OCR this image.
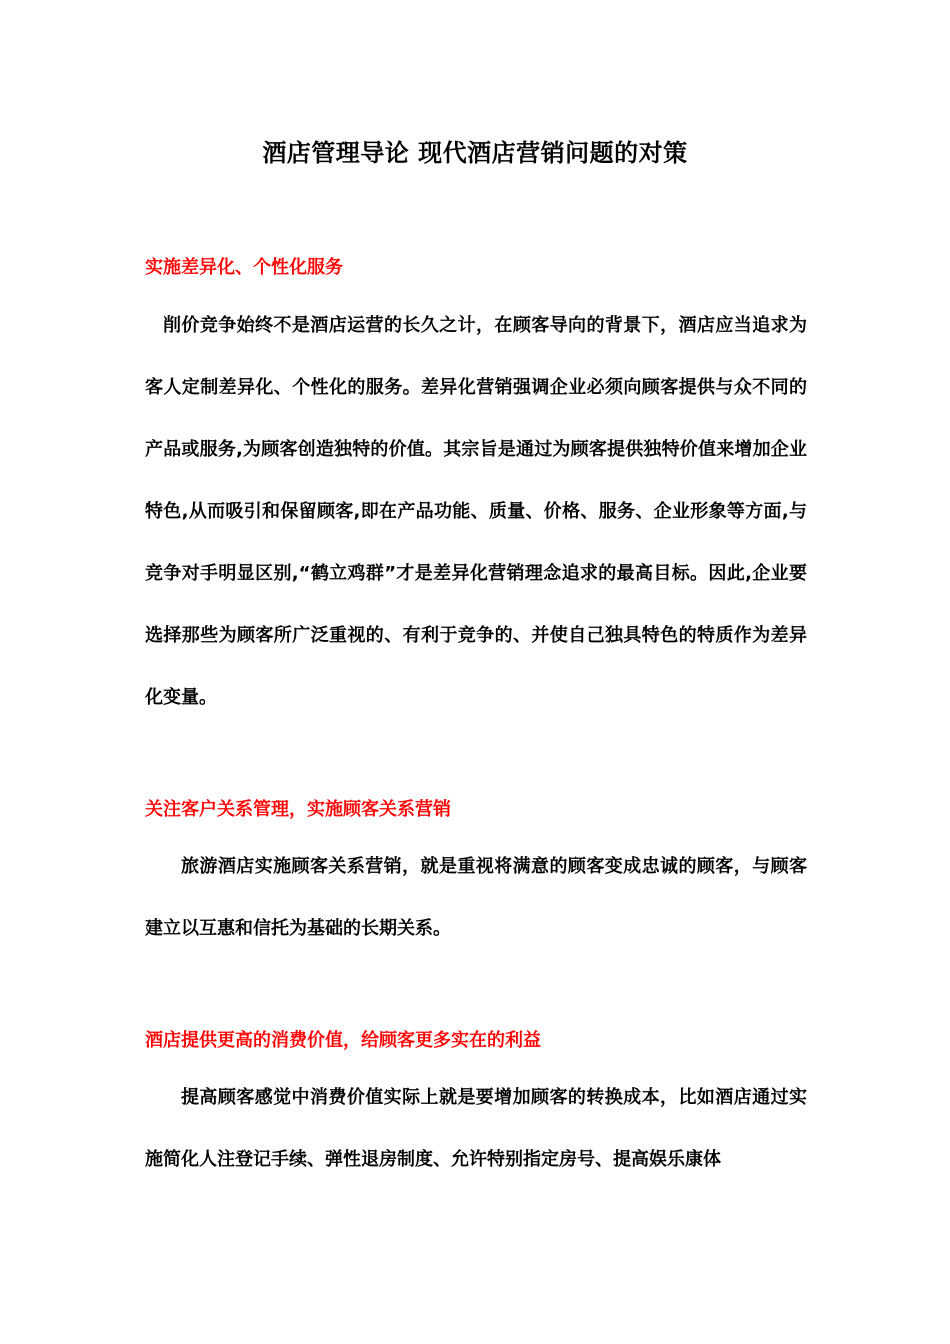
酒店管理导论 现代酒店营销问题的对策
实施差异化、个性化服务

削价竞争始终不是酒店运营的长久之计，在顾客导向的背景下，酒店应当追求为客人定制差异化、个性化的服务。差异化营销强调企业必须向顾客提供与众不同的产品或服务,为顾客创造独特的价值。其宗旨是通过为顾客提供独特价值来增加企业特色,从而吸引和保留顾客,即在产品功能、质量、价格、服务、企业形象等方面,与竞争对手明显区别,“鹤立鸡群”才是差异化营销理念追求的最高目标。因此,企业要选择那些为顾客所广泛重视的、有利于竞争的、并使自己独具特色的特质作为差异化变量。

关注客户关系管理，实施顾客关系营销

旅游酒店实施顾客关系营销，就是重视将满意的顾客变成忠诚的顾客，与顾客建立以互惠和信托为基础的长期关系。

酒店提供更高的消费价值，给顾客更多实在的利益

提高顾客感觉中消费价值实际上就是要增加顾客的转换成本，比如酒店通过实施简化人注登记手续、弹性退房制度、允许特别指定房号、提高娱乐康体
